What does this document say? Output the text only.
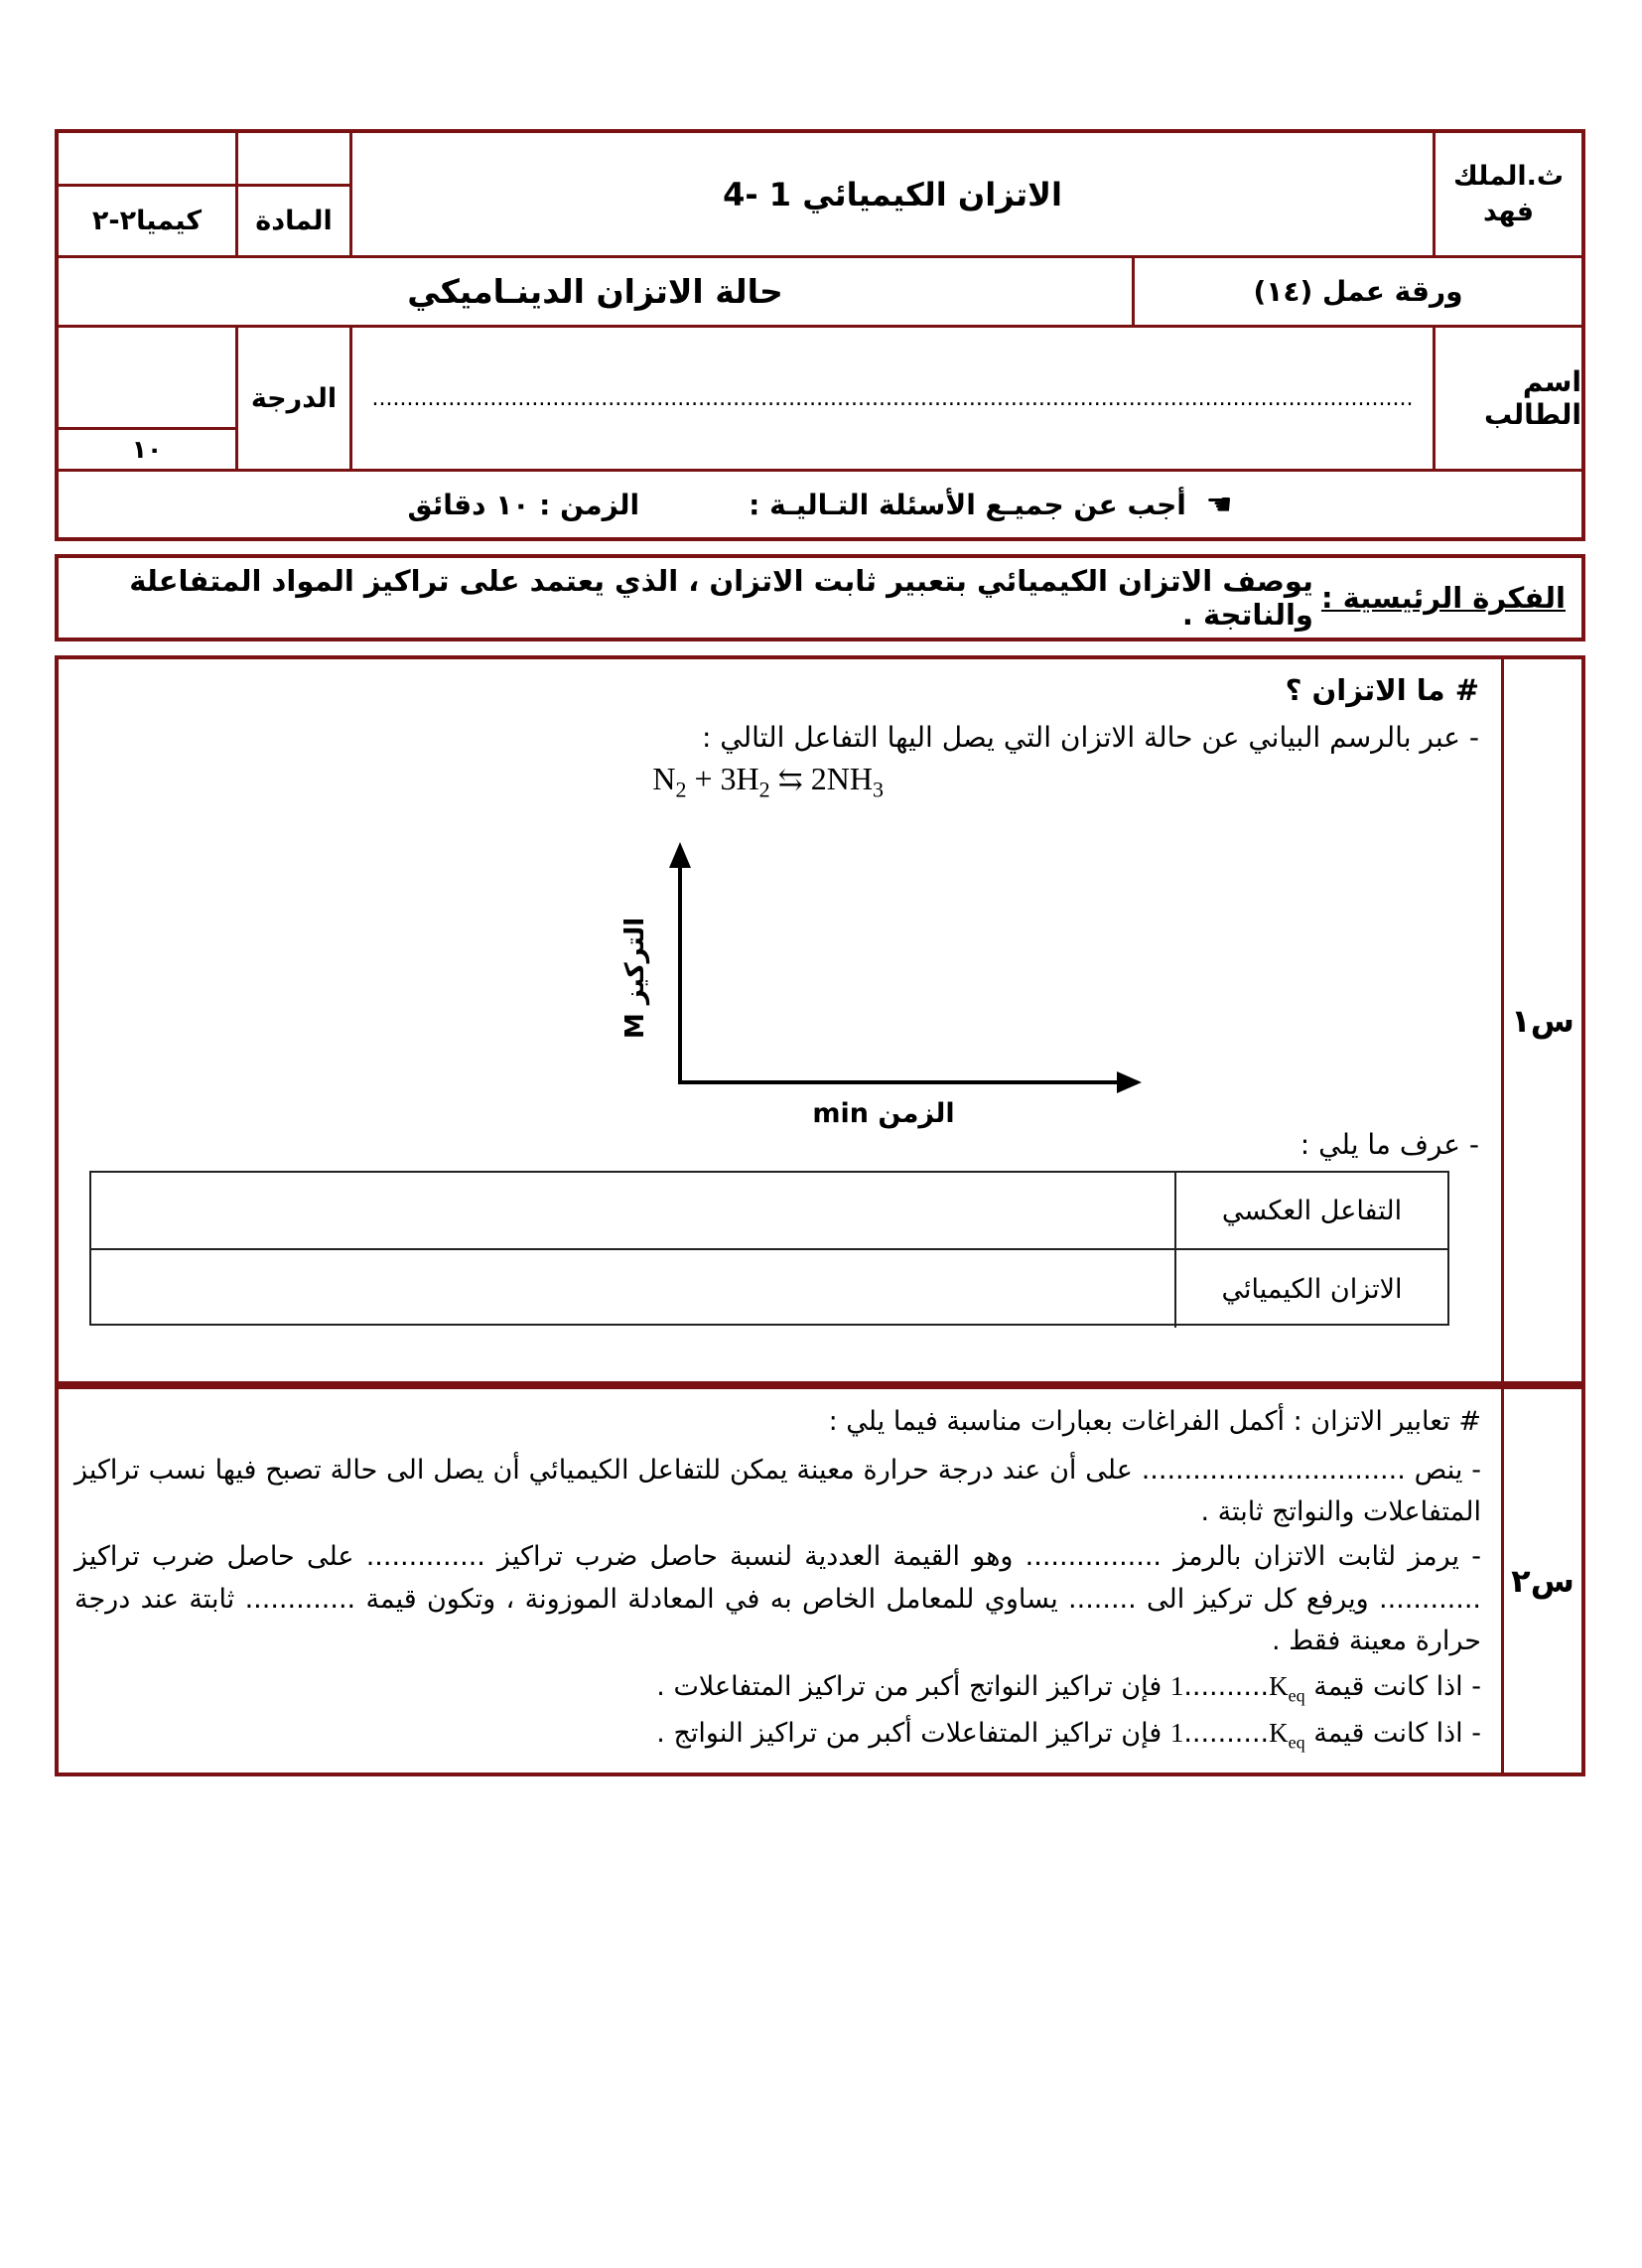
ث.الملك
فهد
الاتزان الكيميائي 1 -4
المادة
كيميا٢-٢
ورقة عمل (١٤)
حالة الاتزان الدينـاميكي
اسم الطالب
......................................................................................................................................................
الدرجة
١٠
☚ أجب عن جميـع الأسئلة التـاليـة :
الزمن : ١٠ دقائق
الفكرة الرئيسية :
يوصف الاتزان الكيميائي بتعبير ثابت الاتزان ، الذي يعتمد على تراكيز المواد المتفاعلة والناتجة .
س١
# ما الاتزان ؟
- عبر بالرسم البياني عن حالة الاتزان التي يصل اليها التفاعل التالي :
$N_2 + 3H_2$ ⇆ $2NH_3$
التركيز M
الزمن min
- عرف ما يلي :
التفاعل العكسي
الاتزان الكيميائي
س٢
# تعابير الاتزان : أكمل الفراغات بعبارات مناسبة فيما يلي :

- ينص ............................... على أن عند درجة حرارة معينة يمكن للتفاعل الكيميائي أن يصل الى حالة تصبح فيها نسب تراكيز المتفاعلات والنواتج ثابتة .

- يرمز لثابت الاتزان بالرمز ................ وهو القيمة العددية لنسبة حاصل ضرب تراكيز .............. على حاصل ضرب تراكيز ............ ويرفع كل تركيز الى ........ يساوي للمعامل الخاص به في المعادلة الموزونة ، وتكون قيمة ............. ثابتة عند درجة حرارة معينة فقط .

- اذا كانت قيمة $K_{eq}..........1$ فإن تراكيز النواتج أكبر من تراكيز المتفاعلات .

- اذا كانت قيمة $K_{eq}..........1$ فإن تراكيز المتفاعلات أكبر من تراكيز النواتج .
